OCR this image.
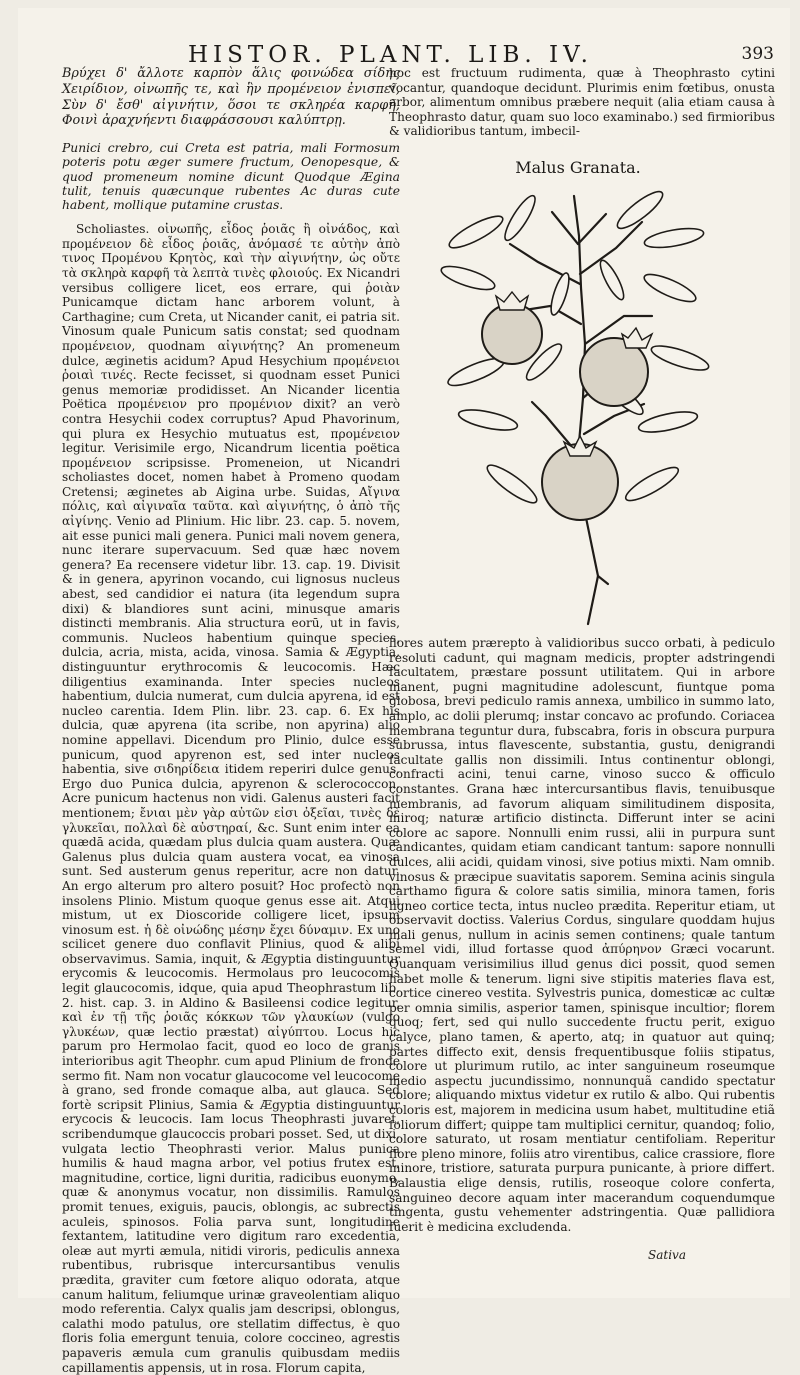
HISTOR. PLANT. LIB. IV.	393

Βρύχει δ' ἄλλοτε καρπὸν ἅλις φοινώδεα σίδης Χειρίδιον, οἰνωπῆς τε, καὶ ἣν προμένειον ἐνισπεῖ, Σὺν δ' ἔσθ' αἰγινήτιν, ὅσοι τε σκληρέα καρφῆ, Φοινὶ ἀραχνήεντι διαφράσσουσι καλύπτρῃ.

Punici crebro, cui Creta est patria, mali Formosum poteris potu æger sumere fructum, Oenopesque, & quod promeneum nomine dicunt Quodque Ægina tulit, tenuis quæcunque rubentes Ac duras cute habent, mollique putamine crustas.

Scholiastes. οἰνωπῆς, εἶδος ῥοιᾶς ἢ οἰνάδος, καὶ προμένειον δὲ εἶδος ῥοιᾶς, ἀνόμασέ τε αὐτὴν ἀπὸ τινος Προμένου Κρητὸς, καὶ τὴν αἰγινήτην, ὡς οὔτε τὰ σκληρὰ καρφῆ τὰ λεπτὰ τινὲς φλοιούς. Ex Nicandri versibus colligere licet, eos errare, qui ῥοιὰν Punicamque dictam hanc arborem volunt, à Carthagine; cum Creta, ut Nicander canit, ei patria sit. Vinosum quale Punicum satis constat; sed quodnam προμένειον, quodnam αἰγινήτης? An promeneum dulce, æginetis acidum? Apud Hesychium προμένειοι ῥοιαὶ τινές. Recte fecisset, si quodnam esset Punici genus memoriæ prodidisset. An Nicander licentia Poëtica προμένειον pro προμένιον dixit? an verò contra Hesychii codex corruptus? Apud Phavorinum, qui plura ex Hesychio mutuatus est, προμένειον legitur. Verisimile ergo, Nicandrum licentia poëtica προμένειον scripsisse. Promeneion, ut Nicandri scholiastes docet, nomen habet à Promeno quodam Cretensi; æginetes ab Aigina urbe. Suidas, Αἴγινα πόλις, καὶ αἰγιναῖα ταῦτα. καὶ αἰγινήτης, ὁ ἀπὸ τῆς αἰγίνης. Venio ad Plinium. Hic libr. 23. cap. 5. novem, ait esse punici mali genera. Punici mali novem genera, nunc iterare supervacuum. Sed quæ hæc novem genera? Ea recensere videtur libr. 13. cap. 19. Divisit & in genera, apyrinon vocando, cui lignosus nucleus abest, sed candidior ei natura (ita legendum supra dixi) & blandiores sunt acini, minusque amaris distincti membranis. Alia structura eorū, ut in favis, communis. Nucleos habentium quinque species, dulcia, acria, mista, acida, vinosa. Samia & Ægyptia, distinguuntur erythrocomis & leucocomis. Hæc diligentius examinanda. Inter species nucleos habentium, dulcia numerat, cum dulcia apyrena, id est nucleo carentia. Idem Plin. libr. 23. cap. 6. Ex his dulcia, quæ apyrena (ita scribe, non apyrina) alio nomine appellavi. Dicendum pro Plinio, dulce esse punicum, quod apyrenon est, sed inter nucleos habentia, sive σιδηρίδεια itidem reperiri dulce genus. Ergo duo Punica dulcia, apyrenon & sclerococcon. Acre punicum hactenus non vidi. Galenus austeri facit mentionem; ἔνιαι μὲν γὰρ αὐτῶν εἰσι ὀξεῖαι, τινὲς δὲ γλυκεῖαι, πολλαὶ δὲ αὐστηραί, &c. Sunt enim inter ea quædā acida, quædam plus dulcia quam austera. Quæ Galenus plus dulcia quam austera vocat, ea vinosa sunt. Sed austerum genus reperitur, acre non datur. An ergo alterum pro altero posuit? Hoc profectò non insolens Plinio. Mistum quoque genus esse ait. Atqui mistum, ut ex Dioscoride colligere licet, ipsum vinosum est. ἡ δὲ οἰνώδης μέσην ἔχει δύναμιν. Ex uno scilicet genere duo conflavit Plinius, quod & alibi observavimus. Samia, inquit, & Ægyptia distinguuntur erycomis & leucocomis. Hermolaus pro leucocomis legit glaucocomis, idque, quia apud Theophrastum lib. 2. hist. cap. 3. in Aldino & Basileensi codice legitur, καὶ ἐν τῇ τῆς ῥοιᾶς κόκκων τῶν γλαυκίων (vulgo γλυκέων, quæ lectio præstat) αἰγύπτου. Locus hic parum pro Hermolao facit, quod eo loco de granis interioribus agit Theophr. cum apud Plinium de fronde sermo fit. Nam non vocatur glaucocome vel leucocome à grano, sed fronde comaque alba, aut glauca. Sed fortè scripsit Plinius, Samia & Ægyptia distinguuntur erycocis & leucocis. Iam locus Theophrasti juvaret, scribendumque glaucoccis probari posset. Sed, ut dixi, vulgata lectio Theophrasti verior. Malus punica humilis & haud magna arbor, vel potius frutex est, magnitudine, cortice, ligni duritia, radicibus euonymo, quæ & anonymus vocatur, non dissimilis. Ramulos promit tenues, exiguis, paucis, oblongis, ac subrectis aculeis, spinosos. Folia parva sunt, longitudine fextantem, latitudine vero digitum raro excedentia, oleæ aut myrti æmula, nitidi viroris, pediculis annexa rubentibus, rubrisque intercursantibus venulis prædita, graviter cum fœtore aliquo odorata, atque canum halitum, feliumque urinæ graveolentiam aliquo modo referentia. Calyx qualis jam descripsi, oblongus, calathi modo patulus, ore stellatim diffectus, è quo floris folia emergunt tenuia, colore coccineo, agrestis papaveris æmula cum granulis quibusdam mediis capillamentis appensis, ut in rosa. Florum capita,

hoc est fructuum rudimenta, quæ à Theophrasto cytini vocantur, quandoque decidunt. Plurimis enim fœtibus, onusta arbor, alimentum omnibus præbere nequit (alia etiam causa à Theophrasto datur, quam suo loco examinabo.) sed firmioribus & validioribus tantum, imbecil-
Malus Granata.
liores autem prærepto à validioribus succo orbati, à pediculo resoluti cadunt, qui magnam medicis, propter adstringendi facultatem, præstare possunt utilitatem. Qui in arbore manent, pugni magnitudine adolescunt, fiuntque poma globosa, brevi pediculo ramis annexa, umbilico in summo lato, amplo, ac dolii plerumq; instar concavo ac profundo. Coriacea membrana teguntur dura, fubscabra, foris in obscura purpura subrussa, intus flavescente, substantia, gustu, denigrandi facultate gallis non dissimili. Intus continentur oblongi, confracti acini, tenui carne, vinoso succo & officulo constantes. Grana hæc intercursantibus flavis, tenuibusque membranis, ad favorum aliquam similitudinem disposita, miroq; naturæ artificio distincta. Differunt inter se acini colore ac sapore. Nonnulli enim russi, alii in purpura sunt candicantes, quidam etiam candicant tantum: sapore nonnulli dulces, alii acidi, quidam vinosi, sive potius mixti. Nam omnib. vinosus & præcipue suavitatis saporem. Semina acinis singula carthamo figura & colore satis similia, minora tamen, foris ligneo cortice tecta, intus nucleo prædita. Reperitur etiam, ut observavit doctiss. Valerius Cordus, singulare quoddam hujus mali genus, nullum in acinis semen continens; quale tantum semel vidi, illud fortasse quod ἀπύρηνον Græci vocarunt. Quanquam verisimilius illud genus dici possit, quod semen habet molle & tenerum. ligni sive stipitis materies flava est, cortice cinereo vestita. Sylvestris punica, domesticæ ac cultæ per omnia similis, asperior tamen, spinisque incultior; florem quoq; fert, sed qui nullo succedente fructu perit, exiguo calyce, plano tamen, & aperto, atq; in quatuor aut quinq; partes diffecto exit, densis frequentibusque foliis stipatus, colore ut plurimum rutilo, ac inter sanguineum roseumque medio aspectu jucundissimo, nonnunquã candido spectatur colore; aliquando mixtus videtur ex rutilo & albo. Qui rubentis coloris est, majorem in medicina usum habet, multitudine etiã foliorum differt; quippe tam multiplici cernitur, quandoq; folio, colore saturato, ut rosam mentiatur centifoliam. Reperitur flore pleno minore, foliis atro virentibus, calice crassiore, flore minore, tristiore, saturata purpura punicante, à priore differt. Balaustia elige densis, rutilis, roseoque colore conferta, sanguineo decore aquam inter macerandum coquendumque tingenta, gustu vehementer adstringentia. Quæ pallidiora fuerit è medicina excludenda.
Sativa
